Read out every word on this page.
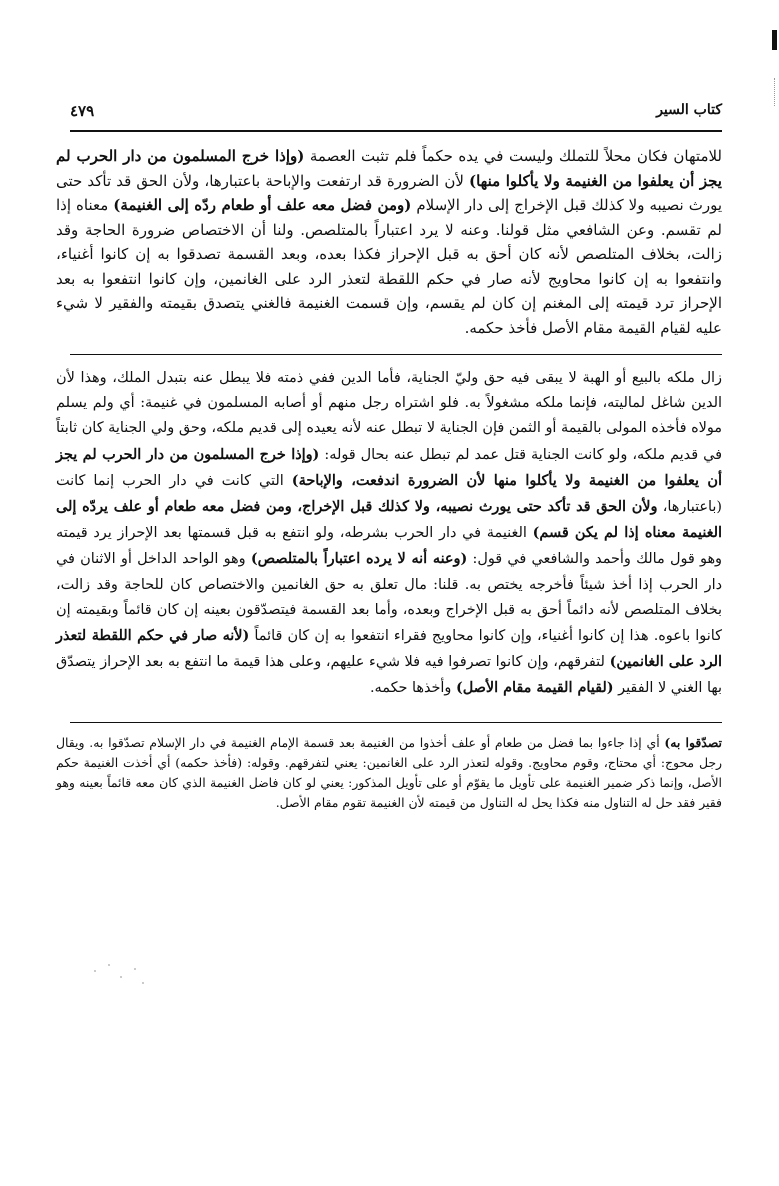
٤٧٩	كتاب السير

للامتهان فكان محلاً للتملك وليست في يده حكماً فلم تثبت العصمة (وإذا خرج المسلمون من دار الحرب لم يجز أن يعلفوا من الغنيمة ولا يأكلوا منها) لأن الضرورة قد ارتفعت والإباحة باعتبارها، ولأن الحق قد تأكد حتى يورث نصيبه ولا كذلك قبل الإخراج إلى دار الإسلام (ومن فضل معه علف أو طعام ردّه إلى الغنيمة) معناه إذا لم تقسم. وعن الشافعي مثل قولنا. وعنه لا يرد اعتباراً بالمتلصص. ولنا أن الاختصاص ضرورة الحاجة وقد زالت، بخلاف المتلصص لأنه كان أحق به قبل الإحراز فكذا بعده، وبعد القسمة تصدقوا به إن كانوا أغنياء، وانتفعوا به إن كانوا محاويج لأنه صار في حكم اللقطة لتعذر الرد على الغانمين، وإن كانوا انتفعوا به بعد الإحراز ترد قيمته إلى المغنم إن كان لم يقسم، وإن قسمت الغنيمة فالغني يتصدق بقيمته والفقير لا شيء عليه لقيام القيمة مقام الأصل فأخذ حكمه.

زال ملكه بالبيع أو الهبة لا يبقى فيه حق وليّ الجناية، فأما الدين ففي ذمته فلا يبطل عنه بتبدل الملك، وهذا لأن الدين شاغل لماليته، فإنما ملكه مشغولاً به. فلو اشتراه رجل منهم أو أصابه المسلمون في غنيمة: أي ولم يسلم مولاه فأخذه المولى بالقيمة أو الثمن فإن الجناية لا تبطل عنه لأنه يعيده إلى قديم ملكه، وحق ولي الجناية كان ثابتاً في قديم ملكه، ولو كانت الجناية قتل عمد لم تبطل عنه بحال قوله: (وإذا خرج المسلمون من دار الحرب لم يجز أن يعلفوا من الغنيمة ولا يأكلوا منها لأن الضرورة اندفعت، والإباحة) التي كانت في دار الحرب إنما كانت (باعتبارها، ولأن الحق قد تأكد حتى يورث نصيبه، ولا كذلك قبل الإخراج، ومن فضل معه طعام أو علف يردّه إلى الغنيمة معناه إذا لم يكن قسم) الغنيمة في دار الحرب بشرطه، ولو انتفع به قبل قسمتها بعد الإحراز يرد قيمته وهو قول مالك وأحمد والشافعي في قول: (وعنه أنه لا يرده اعتباراً بالمتلصص) وهو الواحد الداخل أو الاثنان في دار الحرب إذا أخذ شيئاً فأخرجه يختص به. قلنا: مال تعلق به حق الغانمين والاختصاص كان للحاجة وقد زالت، بخلاف المتلصص لأنه دائماً أحق به قبل الإخراج وبعده، وأما بعد القسمة فيتصدّقون بعينه إن كان قائماً وبقيمته إن كانوا باعوه. هذا إن كانوا أغنياء، وإن كانوا محاويج فقراء انتفعوا به إن كان قائماً (لأنه صار في حكم اللقطة لتعذر الرد على الغانمين) لتفرقهم، وإن كانوا تصرفوا فيه فلا شيء عليهم، وعلى هذا قيمة ما انتفع به بعد الإحراز يتصدّق بها الغني لا الفقير (لقيام القيمة مقام الأصل) وأخذها حكمه.

تصدّقوا به) أي إذا جاءوا بما فضل من طعام أو علف أخذوا من الغنيمة بعد قسمة الإمام الغنيمة في دار الإسلام تصدّقوا به. ويقال رجل محوج: أي محتاج، وقوم محاويج. وقوله لتعذر الرد على الغانمين: يعني لتفرقهم. وقوله: (فأخذ حكمه) أي أخذت الغنيمة حكم الأصل، وإنما ذكر ضمير الغنيمة على تأويل ما يقوّم أو على تأويل المذكور: يعني لو كان فاضل الغنيمة الذي كان معه قائماً بعينه وهو فقير فقد حل له التناول منه فكذا يحل له التناول من قيمته لأن الغنيمة تقوم مقام الأصل.
